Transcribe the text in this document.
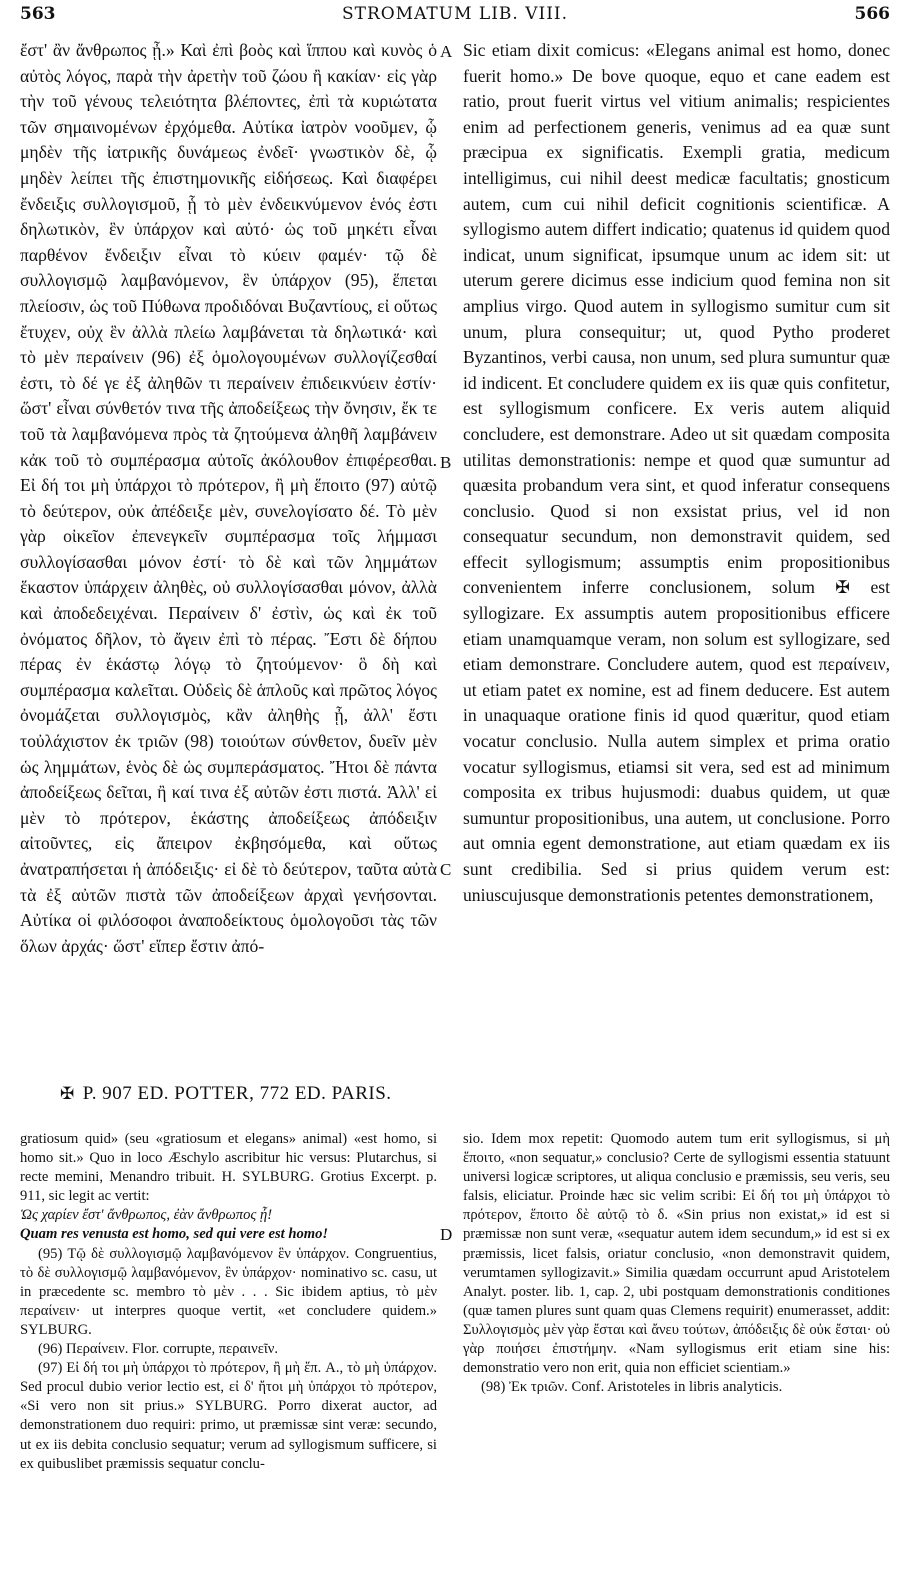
563	STROMATUM LIB. VIII.	566

ἔστ' ἂν ἄνθρωπος ᾖ.» Καὶ ἐπὶ βοὸς καὶ ἵππου καὶ κυνὸς ὁ αὐτὸς λόγος, παρὰ τὴν ἀρετὴν τοῦ ζώου ἢ κακίαν· εἰς γὰρ τὴν τοῦ γένους τελειότητα βλέποντες, ἐπὶ τὰ κυριώτατα τῶν σημαινομένων ἐρχόμεθα. Αὐτίκα ἰατρὸν νοοῦμεν, ᾧ μηδὲν τῆς ἰατρικῆς δυνάμεως ἐνδεῖ· γνωστικὸν δὲ, ᾧ μηδὲν λείπει τῆς ἐπιστημονικῆς εἰδήσεως. Καὶ διαφέρει ἔνδειξις συλλογισμοῦ, ᾗ τὸ μὲν ἐνδεικνύμενον ἑνός ἐστι δηλωτικὸν, ἓν ὑπάρχον καὶ αὐτό· ὡς τοῦ μηκέτι εἶναι παρθένον ἔνδειξιν εἶναι τὸ κύειν φαμέν· τῷ δὲ συλλογισμῷ λαμβανόμενον, ἓν ὑπάρχον (95), ἕπεται πλείοσιν, ὡς τοῦ Πύθωνα προδιδόναι Βυζαντίους, εἰ οὕτως ἔτυχεν, οὐχ ἓν ἀλλὰ πλείω λαμβάνεται τὰ δηλωτικά· καὶ τὸ μὲν περαίνειν (96) ἐξ ὁμολογουμένων συλλογίζεσθαί ἐστι, τὸ δέ γε ἐξ ἀληθῶν τι περαίνειν ἐπιδεικνύειν ἐστίν· ὥστ' εἶναι σύνθετόν τινα τῆς ἀποδείξεως τὴν ὄνησιν, ἔκ τε τοῦ τὰ λαμβανόμενα πρὸς τὰ ζητούμενα ἀληθῆ λαμβάνειν κἀκ τοῦ τὸ συμπέρασμα αὐτοῖς ἀκόλουθον ἐπιφέρεσθαι. Εἰ δή τοι μὴ ὑπάρχοι τὸ πρότερον, ἢ μὴ ἕποιτο (97) αὐτῷ τὸ δεύτερον, οὐκ ἀπέδειξε μὲν, συνελογίσατο δέ. Τὸ μὲν γὰρ οἰκεῖον ἐπενεγκεῖν συμπέρασμα τοῖς λήμμασι συλλογίσασθαι μόνον ἐστί· τὸ δὲ καὶ τῶν λημμάτων ἕκαστον ὑπάρχειν ἀληθὲς, οὐ συλλογίσασθαι μόνον, ἀλλὰ καὶ ἀποδεδειχέναι. Περαίνειν δ' ἐστὶν, ὡς καὶ ἐκ τοῦ ὀνόματος δῆλον, τὸ ἄγειν ἐπὶ τὸ πέρας. Ἔστι δὲ δήπου πέρας ἐν ἑκάστῳ λόγῳ τὸ ζητούμενον· ὃ δὴ καὶ συμπέρασμα καλεῖται. Οὐδεὶς δὲ ἁπλοῦς καὶ πρῶτος λόγος ὀνομάζεται συλλογισμὸς, κἂν ἀληθὴς ᾖ, ἀλλ' ἔστι τοὐλάχιστον ἐκ τριῶν (98) τοιούτων σύνθετον, δυεῖν μὲν ὡς λημμάτων, ἑνὸς δὲ ὡς συμπεράσματος. Ἤτοι δὲ πάντα ἀποδείξεως δεῖται, ἢ καί τινα ἐξ αὐτῶν ἐστι πιστά. Ἀλλ' εἰ μὲν τὸ πρότερον, ἑκάστης ἀποδείξεως ἀπόδειξιν αἰτοῦντες, εἰς ἄπειρον ἐκβησόμεθα, καὶ οὕτως ἀνατραπήσεται ἡ ἀπόδειξις· εἰ δὲ τὸ δεύτερον, ταῦτα αὐτὰ τὰ ἐξ αὐτῶν πιστὰ τῶν ἀποδείξεων ἀρχαὶ γενήσονται. Αὐτίκα οἱ φιλόσοφοι ἀναποδείκτους ὁμολογοῦσι τὰς τῶν ὅλων ἀρχάς· ὥστ' εἴπερ ἔστιν ἀπό-

A
B
C
D

Sic etiam dixit comicus: «Elegans animal est homo, donec fuerit homo.» De bove quoque, equo et cane eadem est ratio, prout fuerit virtus vel vitium animalis; respicientes enim ad perfectionem generis, venimus ad ea quæ sunt præcipua ex significatis. Exempli gratia, medicum intelligimus, cui nihil deest medicæ facultatis; gnosticum autem, cum cui nihil deficit cognitionis scientificæ. A syllogismo autem differt indicatio; quatenus id quidem quod indicat, unum significat, ipsumque unum ac idem sit: ut uterum gerere dicimus esse indicium quod femina non sit amplius virgo. Quod autem in syllogismo sumitur cum sit unum, plura consequitur; ut, quod Pytho proderet Byzantinos, verbi causa, non unum, sed plura sumuntur quæ id indicent. Et concludere quidem ex iis quæ quis confitetur, est syllogismum conficere. Ex veris autem aliquid concludere, est demonstrare. Adeo ut sit quædam composita utilitas demonstrationis: nempe et quod quæ sumuntur ad quæsita probandum vera sint, et quod inferatur consequens conclusio. Quod si non exsistat prius, vel id non consequatur secundum, non demonstravit quidem, sed effecit syllogismum; assumptis enim propositionibus convenientem inferre conclusionem, solum ✠ est syllogizare. Ex assumptis autem propositionibus efficere etiam unamquamque veram, non solum est syllogizare, sed etiam demonstrare. Concludere autem, quod est περαίνειν, ut etiam patet ex nomine, est ad finem deducere. Est autem in unaquaque oratione finis id quod quæritur, quod etiam vocatur conclusio. Nulla autem simplex et prima oratio vocatur syllogismus, etiamsi sit vera, sed est ad minimum composita ex tribus hujusmodi: duabus quidem, ut quæ sumuntur propositionibus, una autem, ut conclusione. Porro aut omnia egent demonstratione, aut etiam quædam ex iis sunt credibilia. Sed si prius quidem verum est: uniuscujusque demonstrationis petentes demonstrationem,

✠ P. 907 ED. POTTER, 772 ED. PARIS.

gratiosum quid» (seu «gratiosum et elegans» animal) «est homo, si homo sit.» Quo in loco Æschylo ascribitur hic versus: Plutarchus, si recte memini, Menandro tribuit. H. SYLBURG. Grotius Excerpt. p. 911, sic legit ac vertit:

Ὡς χαρίεν ἔστ' ἄνθρωπος, ἐὰν ἄνθρωπος ᾖ!

Quam res venusta est homo, sed qui vere est homo!

(95) Τῷ δὲ συλλογισμῷ λαμβανόμενον ἓν ὑπάρχον. Congruentius, τὸ δὲ συλλογισμῷ λαμβανόμενον, ἓν ὑπάρχον· nominativo sc. casu, ut in præcedente sc. membro τὸ μὲν . . . Sic ibidem aptius, τὸ μὲν περαίνειν· ut interpres quoque vertit, «et concludere quidem.» SYLBURG.

(96) Περαίνειν. Flor. corrupte, περαινεῖν.

(97) Εἰ δή τοι μὴ ὑπάρχοι τὸ πρότερον, ἢ μὴ ἕπ. A., τὸ μὴ ὑπάρχον. Sed procul dubio verior lectio est, εἰ δ' ἤτοι μὴ ὑπάρχοι τὸ πρότερον, «Si vero non sit prius.» SYLBURG. Porro dixerat auctor, ad demonstrationem duo requiri: primo, ut præmissæ sint veræ: secundo, ut ex iis debita conclusio sequatur; verum ad syllogismum sufficere, si ex quibuslibet præmissis sequatur conclu-

sio. Idem mox repetit: Quomodo autem tum erit syllogismus, si μὴ ἕποιτο, «non sequatur,» conclusio? Certe de syllogismi essentia statuunt universi logicæ scriptores, ut aliqua conclusio e præmissis, seu veris, seu falsis, eliciatur. Proinde hæc sic velim scribi: Εἰ δή τοι μὴ ὑπάρχοι τὸ πρότερον, ἕποιτο δὲ αὐτῷ τὸ δ. «Sin prius non existat,» id est si præmissæ non sunt veræ, «sequatur autem idem secundum,» id est si ex præmissis, licet falsis, oriatur conclusio, «non demonstravit quidem, verumtamen syllogizavit.» Similia quædam occurrunt apud Aristotelem Analyt. poster. lib. 1, cap. 2, ubi postquam demonstrationis conditiones (quæ tamen plures sunt quam quas Clemens requirit) enumerasset, addit: Συλλογισμὸς μὲν γὰρ ἔσται καὶ ἄνευ τούτων, ἀπόδειξις δὲ οὐκ ἔσται· οὐ γὰρ ποιήσει ἐπιστήμην. «Nam syllogismus erit etiam sine his: demonstratio vero non erit, quia non efficiet scientiam.»

(98) Ἐκ τριῶν. Conf. Aristoteles in libris analyticis.
